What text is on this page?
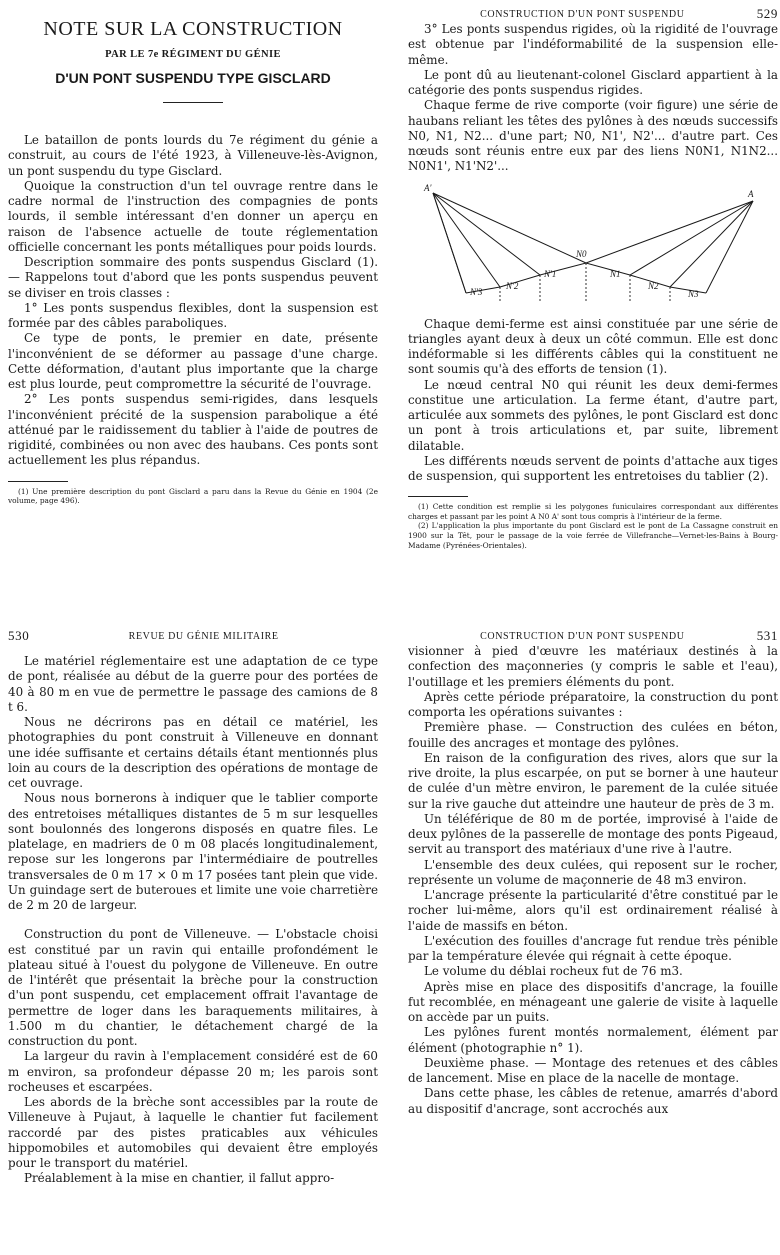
NOTE SUR LA CONSTRUCTION
PAR LE 7e RÉGIMENT DU GÉNIE
D'UN PONT SUSPENDU TYPE GISCLARD

Le bataillon de ponts lourds du 7e régiment du génie a construit, au cours de l'été 1923, à Villeneuve-lès-Avignon, un pont suspendu du type Gisclard.

Quoique la construction d'un tel ouvrage rentre dans le cadre normal de l'instruction des compagnies de ponts lourds, il semble intéressant d'en donner un aperçu en raison de l'absence actuelle de toute réglementation officielle concernant les ponts métalliques pour poids lourds.

Description sommaire des ponts suspendus Gisclard (1). — Rappelons tout d'abord que les ponts suspendus peuvent se diviser en trois classes :

1° Les ponts suspendus flexibles, dont la suspension est formée par des câbles paraboliques.

Ce type de ponts, le premier en date, présente l'inconvénient de se déformer au passage d'une charge. Cette déformation, d'autant plus importante que la charge est plus lourde, peut compromettre la sécurité de l'ouvrage.

2° Les ponts suspendus semi-rigides, dans lesquels l'inconvénient précité de la suspension parabolique a été atténué par le raidissement du tablier à l'aide de poutres de rigidité, combinées ou non avec des haubans. Ces ponts sont actuellement les plus répandus.

(1) Une première description du pont Gisclard a paru dans la Revue du Génie en 1904 (2e volume, page 496).
CONSTRUCTION D'UN PONT SUSPENDU	529

3° Les ponts suspendus rigides, où la rigidité de l'ouvrage est obtenue par l'indéformabilité de la suspension elle-même.

Le pont dû au lieutenant-colonel Gisclard appartient à la catégorie des ponts suspendus rigides.

Chaque ferme de rive comporte (voir figure) une série de haubans reliant les têtes des pylônes à des nœuds successifs N0, N1, N2... d'une part; N0, N1', N2'... d'autre part. Ces nœuds sont réunis entre eux par des liens N0N1, N1N2... N0N1', N1'N2'...

A'
A
N0
N'1
N'2
N'3
N1
N2
N3

Chaque demi-ferme est ainsi constituée par une série de triangles ayant deux à deux un côté commun. Elle est donc indéformable si les différents câbles qui la constituent ne sont soumis qu'à des efforts de tension (1).

Le nœud central N0 qui réunit les deux demi-fermes constitue une articulation. La ferme étant, d'autre part, articulée aux sommets des pylônes, le pont Gisclard est donc un pont à trois articulations et, par suite, librement dilatable.

Les différents nœuds servent de points d'attache aux tiges de suspension, qui supportent les entretoises du tablier (2).

(1) Cette condition est remplie si les polygones funiculaires correspondant aux différentes charges et passant par les point A N0 A' sont tous compris à l'intérieur de la ferme.
(2) L'application la plus importante du pont Gisclard est le pont de La Cassagne construit en 1900 sur la Têt, pour le passage de la voie ferrée de Villefranche—Vernet-les-Bains à Bourg-Madame (Pyrénées-Orientales).
530	REVUE DU GÉNIE MILITAIRE

Le matériel réglementaire est une adaptation de ce type de pont, réalisée au début de la guerre pour des portées de 40 à 80 m en vue de permettre le passage des camions de 8 t 6.

Nous ne décrirons pas en détail ce matériel, les photographies du pont construit à Villeneuve en donnant une idée suffisante et certains détails étant mentionnés plus loin au cours de la description des opérations de montage de cet ouvrage.

Nous nous bornerons à indiquer que le tablier comporte des entretoises métalliques distantes de 5 m sur lesquelles sont boulonnés des longerons disposés en quatre files. Le platelage, en madriers de 0 m 08 placés longitudinalement, repose sur les longerons par l'intermédiaire de poutrelles transversales de 0 m 17 × 0 m 17 posées tant plein que vide. Un guindage sert de buteroues et limite une voie charretière de 2 m 20 de largeur.

Construction du pont de Villeneuve. — L'obstacle choisi est constitué par un ravin qui entaille profondément le plateau situé à l'ouest du polygone de Villeneuve. En outre de l'intérêt que présentait la brèche pour la construction d'un pont suspendu, cet emplacement offrait l'avantage de permettre de loger dans les baraquements militaires, à 1.500 m du chantier, le détachement chargé de la construction du pont.

La largeur du ravin à l'emplacement considéré est de 60 m environ, sa profondeur dépasse 20 m; les parois sont rocheuses et escarpées.

Les abords de la brèche sont accessibles par la route de Villeneuve à Pujaut, à laquelle le chantier fut facilement raccordé par des pistes praticables aux véhicules hippomobiles et automobiles qui devaient être employés pour le transport du matériel.

Préalablement à la mise en chantier, il fallut appro-

CONSTRUCTION D'UN PONT SUSPENDU	531

visionner à pied d'œuvre les matériaux destinés à la confection des maçonneries (y compris le sable et l'eau), l'outillage et les premiers éléments du pont.

Après cette période préparatoire, la construction du pont comporta les opérations suivantes :

Première phase. — Construction des culées en béton, fouille des ancrages et montage des pylônes.

En raison de la configuration des rives, alors que sur la rive droite, la plus escarpée, on put se borner à une hauteur de culée d'un mètre environ, le parement de la culée située sur la rive gauche dut atteindre une hauteur de près de 3 m.

Un téléférique de 80 m de portée, improvisé à l'aide de deux pylônes de la passerelle de montage des ponts Pigeaud, servit au transport des matériaux d'une rive à l'autre.

L'ensemble des deux culées, qui reposent sur le rocher, représente un volume de maçonnerie de 48 m3 environ.

L'ancrage présente la particularité d'être constitué par le rocher lui-même, alors qu'il est ordinairement réalisé à l'aide de massifs en béton.

L'exécution des fouilles d'ancrage fut rendue très pénible par la température élevée qui régnait à cette époque.

Le volume du déblai rocheux fut de 76 m3.

Après mise en place des dispositifs d'ancrage, la fouille fut recomblée, en ménageant une galerie de visite à laquelle on accède par un puits.

Les pylônes furent montés normalement, élément par élément (photographie n° 1).

Deuxième phase. — Montage des retenues et des câbles de lancement. Mise en place de la nacelle de montage.

Dans cette phase, les câbles de retenue, amarrés d'abord au dispositif d'ancrage, sont accrochés aux
